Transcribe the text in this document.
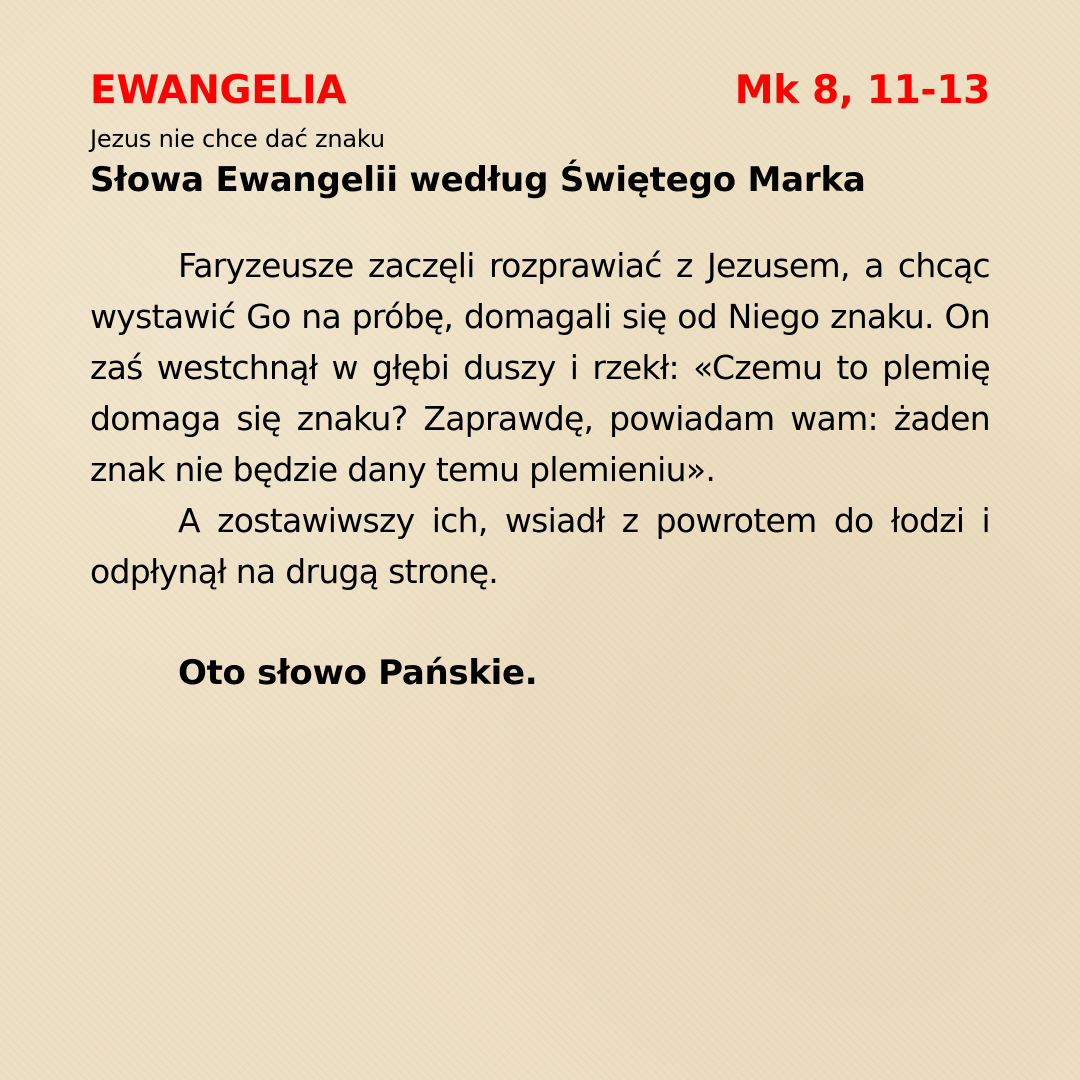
EWANGELIA	Mk 8, 11-13
Jezus nie chce dać znaku
Słowa Ewangelii według Świętego Marka

Faryzeusze zaczęli rozprawiać z Jezusem, a chcąc wystawić Go na próbę, domagali się od Niego znaku. On zaś westchnął w głębi duszy i rzekł: «Czemu to plemię domaga się znaku? Zaprawdę, powiadam wam: żaden znak nie będzie dany temu plemieniu».

A zostawiwszy ich, wsiadł z powrotem do łodzi i odpłynął na drugą stronę.

Oto słowo Pańskie.
